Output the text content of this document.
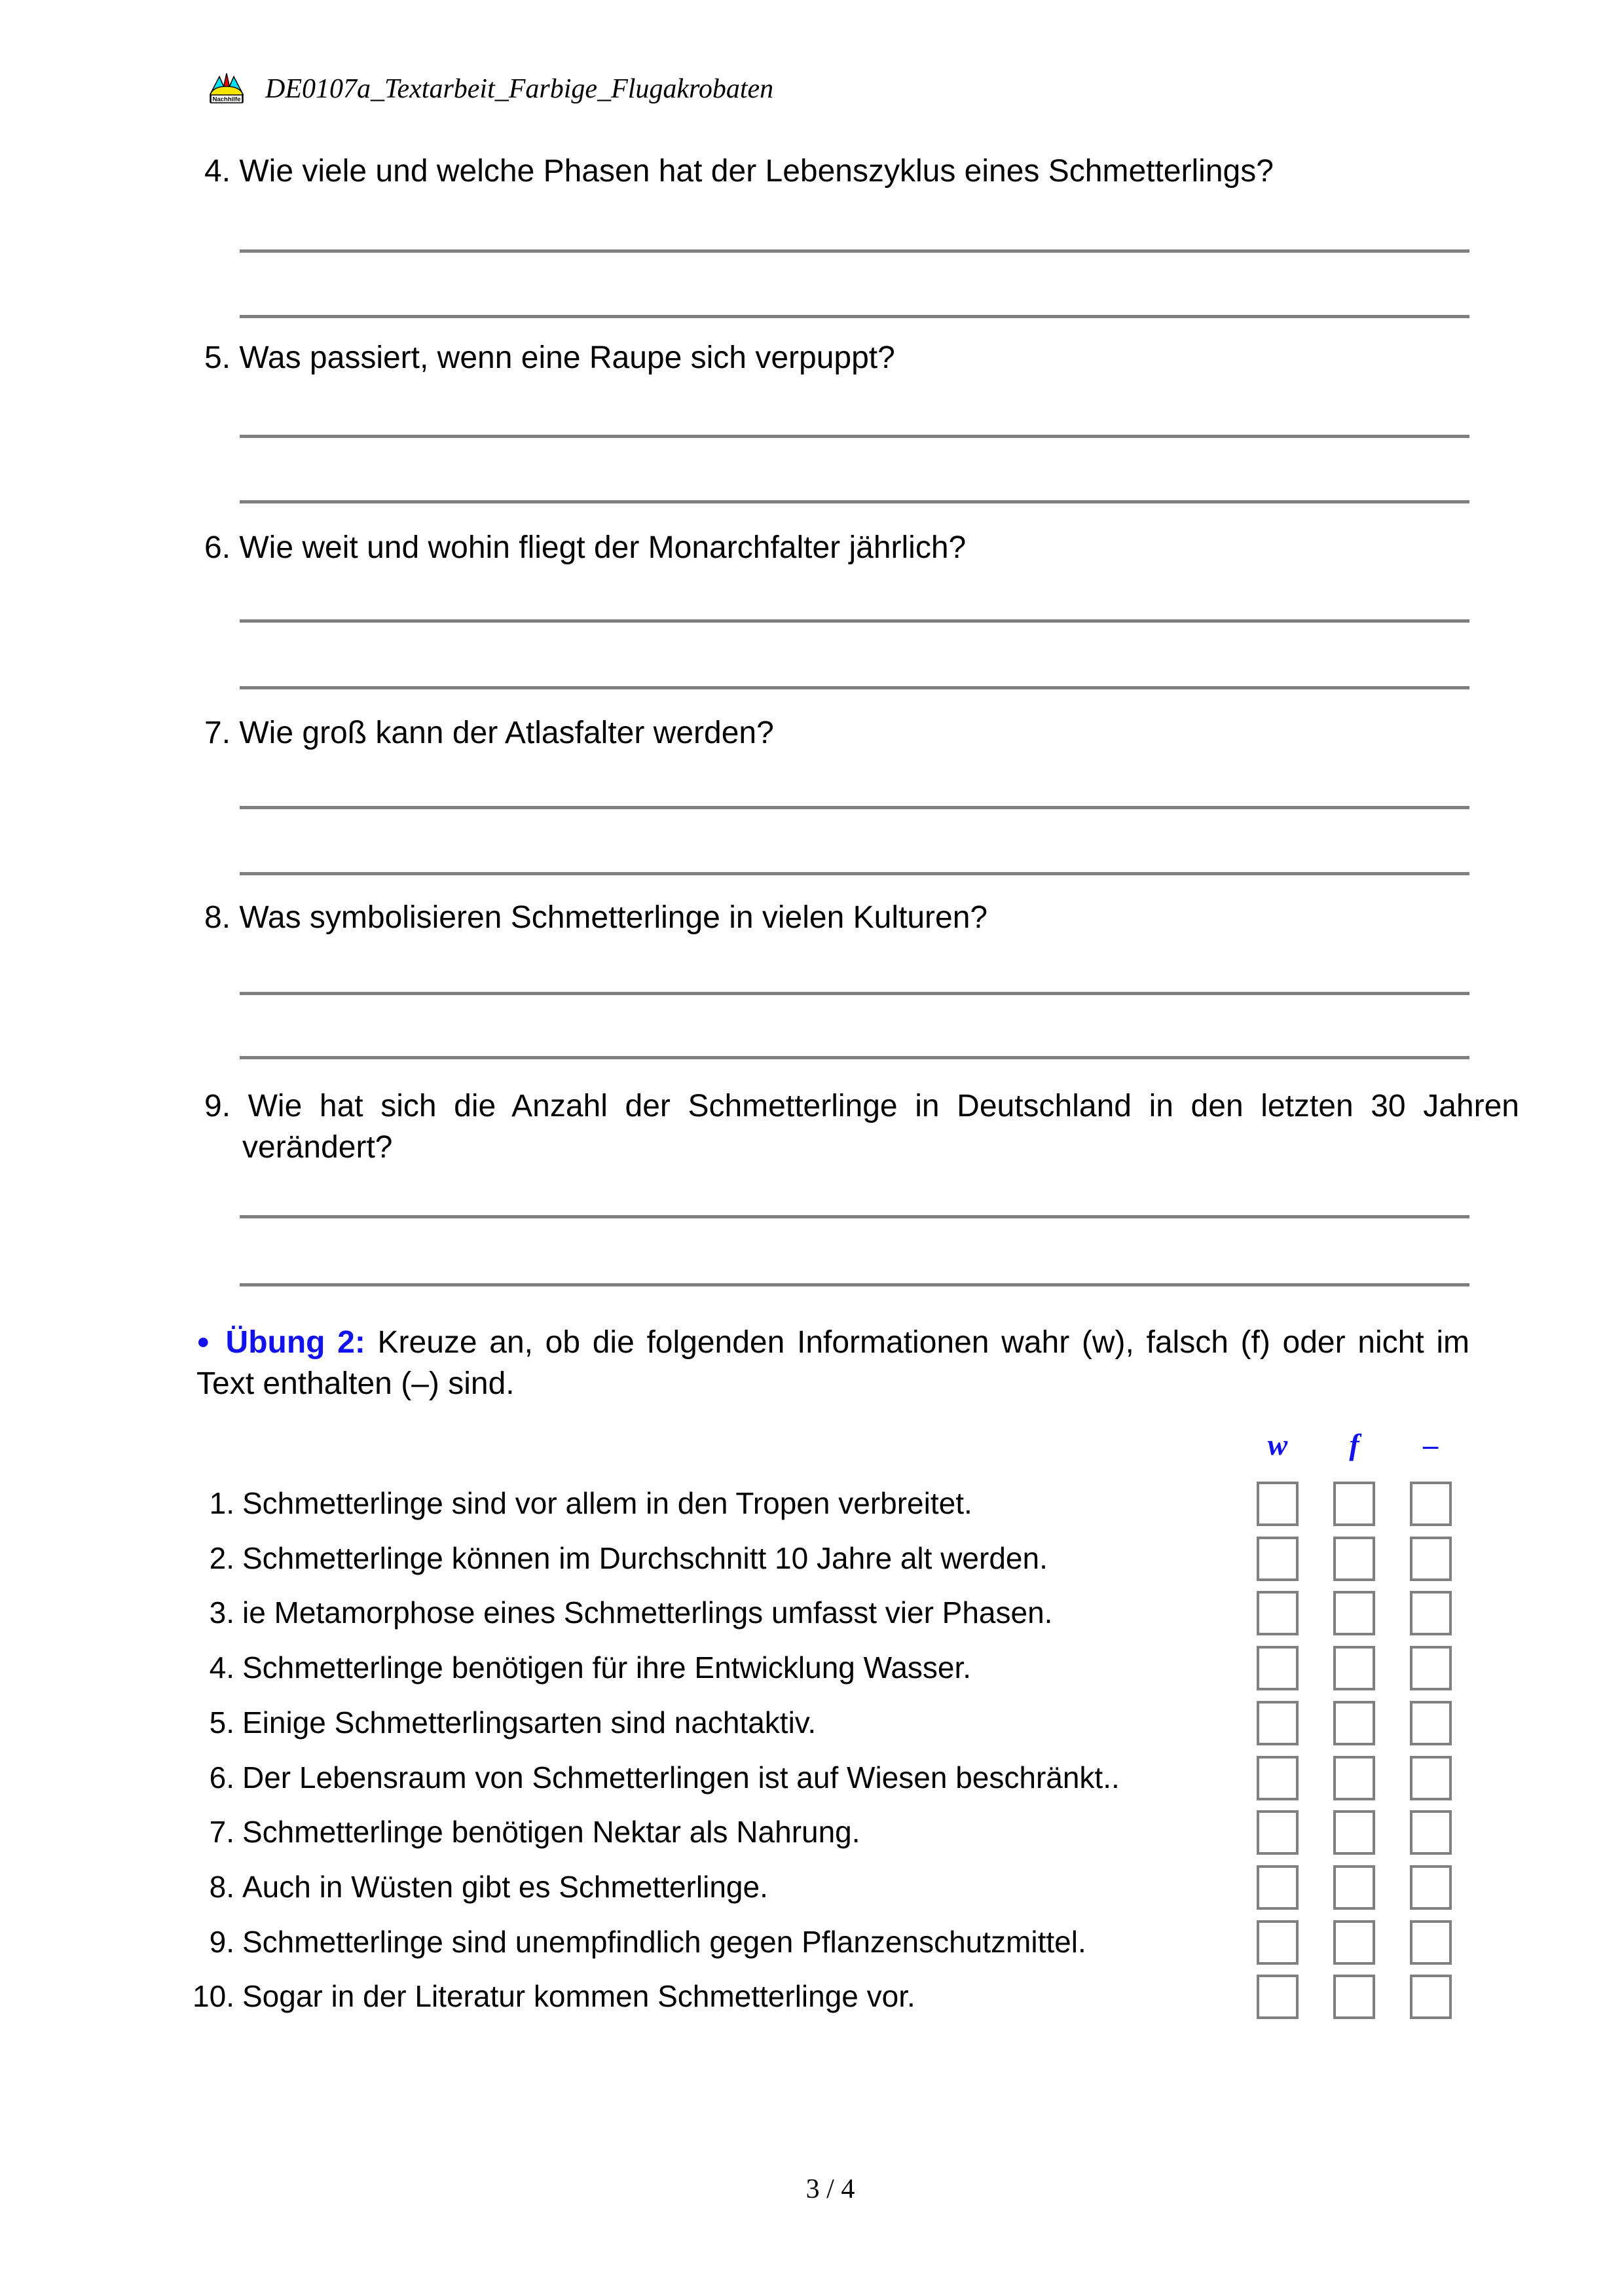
Nachhilfe DE0107a_Textarbeit_Farbige_Flugakrobaten
4. Wie viele und welche Phasen hat der Lebenszyklus eines Schmetterlings?
5. Was passiert, wenn eine Raupe sich verpuppt?
6. Wie weit und wohin fliegt der Monarchfalter jährlich?
7. Wie groß kann der Atlasfalter werden?
8. Was symbolisieren Schmetterlinge in vielen Kulturen?
9. Wie hat sich die Anzahl der Schmetterlinge in Deutschland in den letzten 30 Jahren verändert?
● Übung 2: Kreuze an, ob die folgenden Informationen wahr (w), falsch (f) oder nicht im Text enthalten (–) sind.
w	f	–
1. Schmetterlinge sind vor allem in den Tropen verbreitet.
2. Schmetterlinge können im Durchschnitt 10 Jahre alt werden.
3. ie Metamorphose eines Schmetterlings umfasst vier Phasen.
4. Schmetterlinge benötigen für ihre Entwicklung Wasser.
5. Einige Schmetterlingsarten sind nachtaktiv.
6. Der Lebensraum von Schmetterlingen ist auf Wiesen beschränkt..
7. Schmetterlinge benötigen Nektar als Nahrung.
8. Auch in Wüsten gibt es Schmetterlinge.
9. Schmetterlinge sind unempfindlich gegen Pflanzenschutzmittel.
10. Sogar in der Literatur kommen Schmetterlinge vor.
3 / 4
